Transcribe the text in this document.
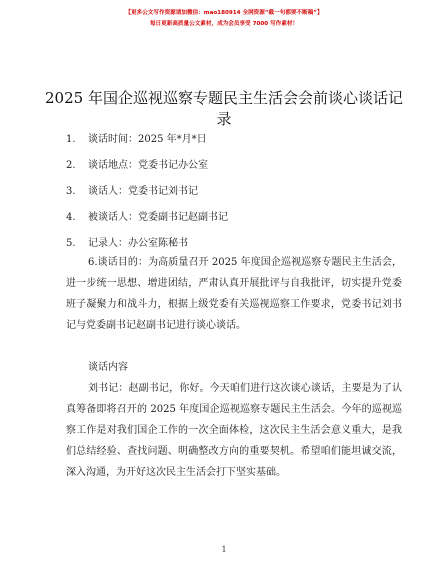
【更多公文写作资源请加微信：mao180914 全网资源“截一句都要不断稿”】
每日更新高质量公文素材，成为会员享受 7000 写作素材！
2025 年国企巡视巡察专题民主生活会会前谈心谈话记录
1. 谈话时间：2025 年*月*日
2. 谈话地点：党委书记办公室
3. 谈话人：党委书记刘书记
4. 被谈话人：党委副书记赵副书记
5. 记录人：办公室陈秘书
6.谈话目的：为高质量召开 2025 年度国企巡视巡察专题民主生活会，进一步统一思想、增进团结，严肃认真开展批评与自我批评，切实提升党委班子凝聚力和战斗力，根据上级党委有关巡视巡察工作要求，党委书记刘书记与党委副书记赵副书记进行谈心谈话。
谈话内容
刘书记：赵副书记，你好。今天咱们进行这次谈心谈话，主要是为了认真筹备即将召开的 2025 年度国企巡视巡察专题民主生活会。今年的巡视巡察工作是对我们国企工作的一次全面体检，这次民主生活会意义重大，是我们总结经验、查找问题、明确整改方向的重要契机。希望咱们能坦诚交流，深入沟通，为开好这次民主生活会打下坚实基础。
1
